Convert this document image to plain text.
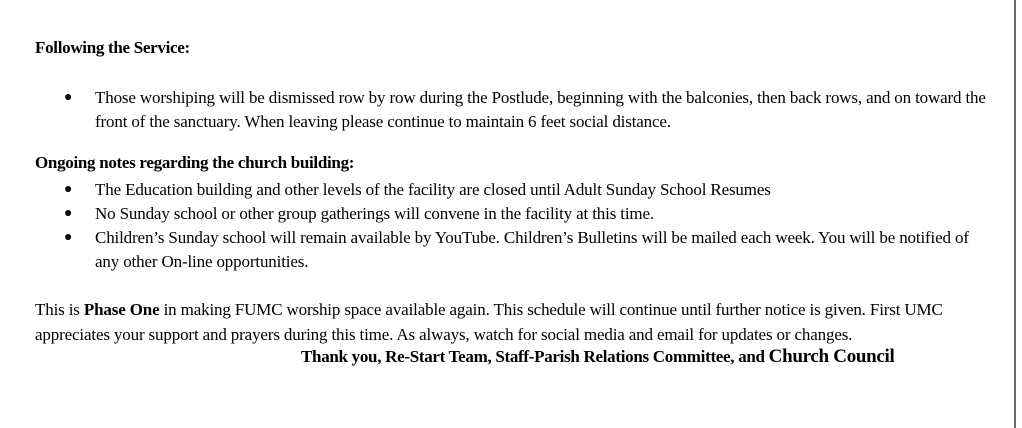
Following the Service:
● Those worshiping will be dismissed row by row during the Postlude, beginning with the balconies, then back rows, and on toward the front of the sanctuary. When leaving please continue to maintain 6 feet social distance.
Ongoing notes regarding the church building:
● The Education building and other levels of the facility are closed until Adult Sunday School Resumes
● No Sunday school or other group gatherings will convene in the facility at this time.
● Children’s Sunday school will remain available by YouTube. Children’s Bulletins will be mailed each week. You will be notified of any other On-line opportunities.
This is Phase One in making FUMC worship space available again. This schedule will continue until further notice is given. First UMC appreciates your support and prayers during this time. As always, watch for social media and email for updates or changes.
Thank you, Re-Start Team, Staff-Parish Relations Committee, and Church Council
